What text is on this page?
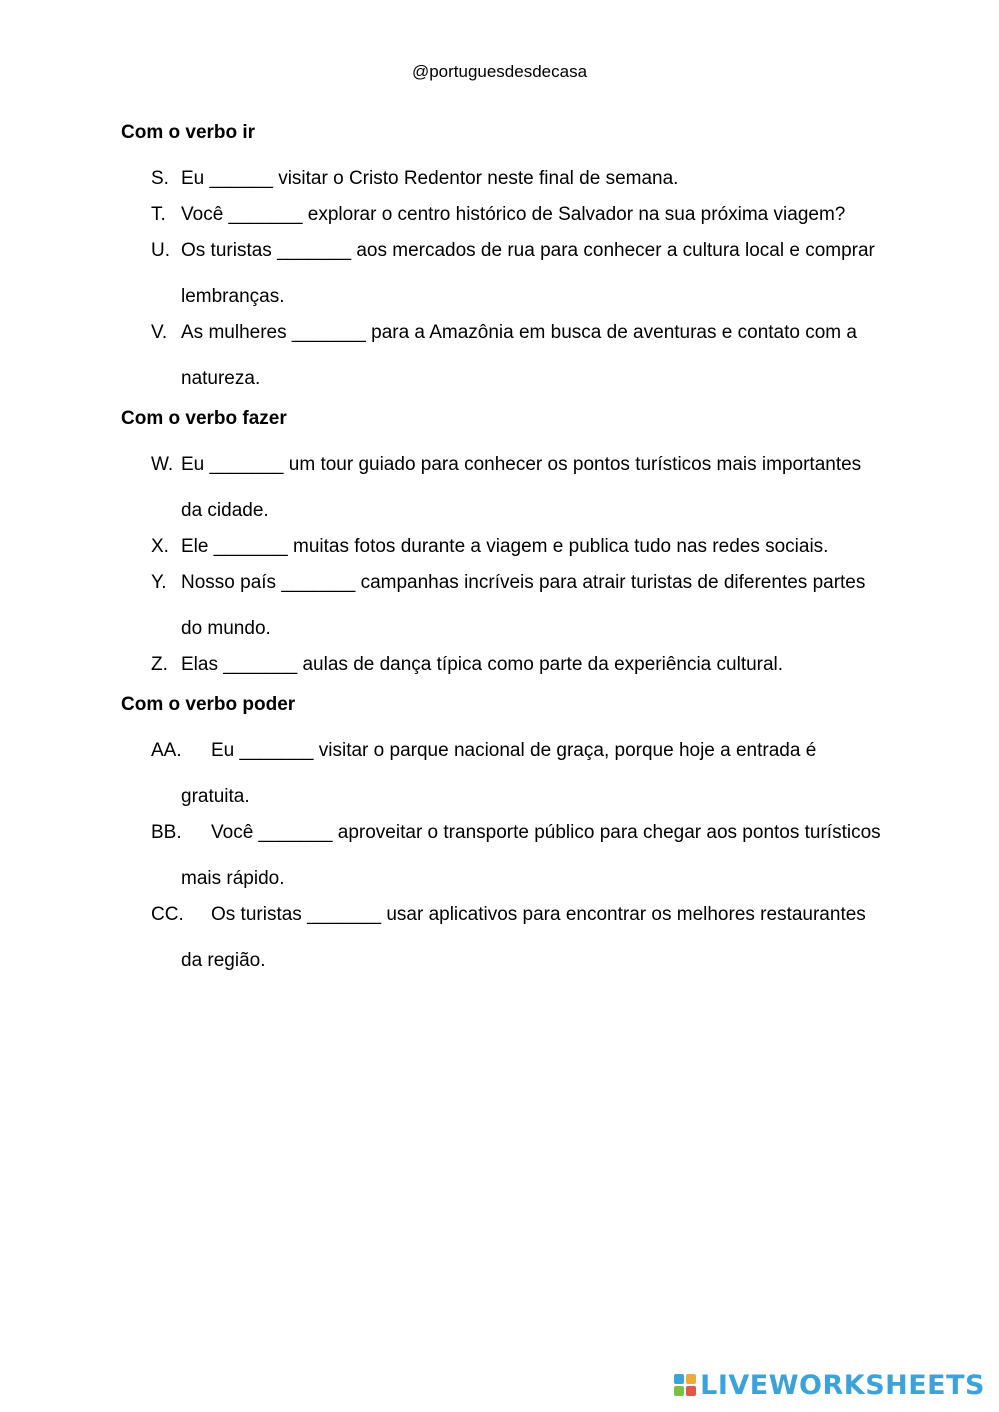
@portuguesdesdecasa
Com o verbo ir
S. Eu ______ visitar o Cristo Redentor neste final de semana.
T. Você _______ explorar o centro histórico de Salvador na sua próxima viagem?
U. Os turistas _______ aos mercados de rua para conhecer a cultura local e comprar lembranças.
V. As mulheres _______ para a Amazônia em busca de aventuras e contato com a natureza.
Com o verbo fazer
W. Eu _______ um tour guiado para conhecer os pontos turísticos mais importantes da cidade.
X. Ele _______ muitas fotos durante a viagem e publica tudo nas redes sociais.
Y. Nosso país _______ campanhas incríveis para atrair turistas de diferentes partes do mundo.
Z. Elas _______ aulas de dança típica como parte da experiência cultural.
Com o verbo poder
AA. Eu _______ visitar o parque nacional de graça, porque hoje a entrada é gratuita.
BB. Você _______ aproveitar o transporte público para chegar aos pontos turísticos mais rápido.
CC. Os turistas _______ usar aplicativos para encontrar os melhores restaurantes da região.
LIVEWORKSHEETS
